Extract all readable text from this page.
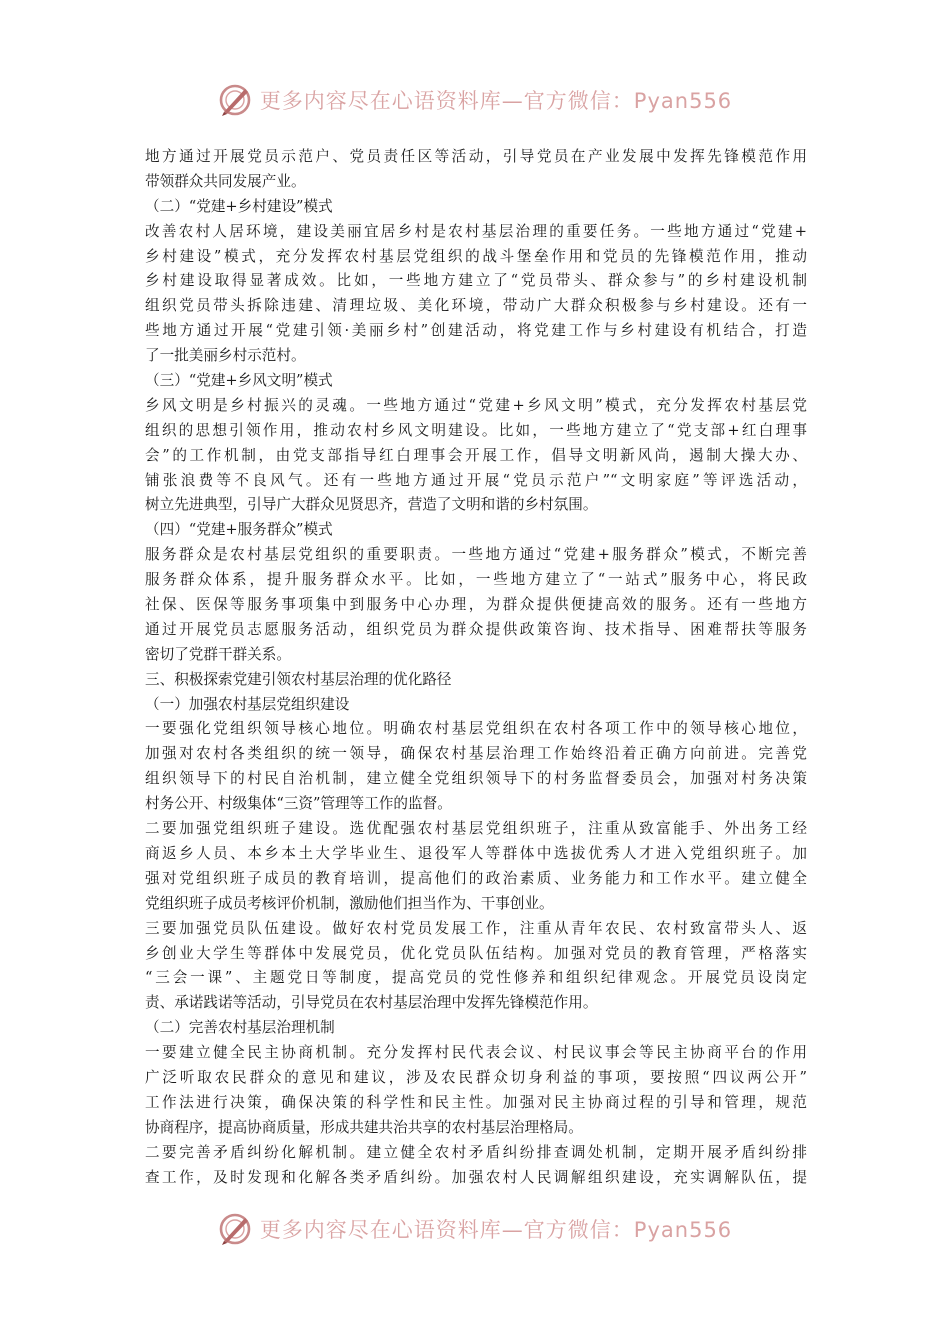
更多内容尽在心语资料库—官方微信：Pyan556
地方通过开展党员示范户、党员责任区等活动，引导党员在产业发展中发挥先锋模范作用
带领群众共同发展产业。
（二）“党建+乡村建设”模式
改善农村人居环境，建设美丽宜居乡村是农村基层治理的重要任务。一些地方通过“党建+
乡村建设”模式，充分发挥农村基层党组织的战斗堡垒作用和党员的先锋模范作用，推动
乡村建设取得显著成效。比如，一些地方建立了“党员带头、群众参与”的乡村建设机制
组织党员带头拆除违建、清理垃圾、美化环境，带动广大群众积极参与乡村建设。还有一
些地方通过开展“党建引领·美丽乡村”创建活动，将党建工作与乡村建设有机结合，打造
了一批美丽乡村示范村。
（三）“党建+乡风文明”模式
乡风文明是乡村振兴的灵魂。一些地方通过“党建+乡风文明”模式，充分发挥农村基层党
组织的思想引领作用，推动农村乡风文明建设。比如，一些地方建立了“党支部+红白理事
会”的工作机制，由党支部指导红白理事会开展工作，倡导文明新风尚，遏制大操大办、
铺张浪费等不良风气。还有一些地方通过开展“党员示范户”“文明家庭”等评选活动，
树立先进典型，引导广大群众见贤思齐，营造了文明和谐的乡村氛围。
（四）“党建+服务群众”模式
服务群众是农村基层党组织的重要职责。一些地方通过“党建+服务群众”模式，不断完善
服务群众体系，提升服务群众水平。比如，一些地方建立了“一站式”服务中心，将民政
社保、医保等服务事项集中到服务中心办理，为群众提供便捷高效的服务。还有一些地方
通过开展党员志愿服务活动，组织党员为群众提供政策咨询、技术指导、困难帮扶等服务
密切了党群干群关系。
三、积极探索党建引领农村基层治理的优化路径
（一）加强农村基层党组织建设
一要强化党组织领导核心地位。明确农村基层党组织在农村各项工作中的领导核心地位，
加强对农村各类组织的统一领导，确保农村基层治理工作始终沿着正确方向前进。完善党
组织领导下的村民自治机制，建立健全党组织领导下的村务监督委员会，加强对村务决策
村务公开、村级集体“三资”管理等工作的监督。
二要加强党组织班子建设。选优配强农村基层党组织班子，注重从致富能手、外出务工经
商返乡人员、本乡本土大学毕业生、退役军人等群体中选拔优秀人才进入党组织班子。加
强对党组织班子成员的教育培训，提高他们的政治素质、业务能力和工作水平。建立健全
党组织班子成员考核评价机制，激励他们担当作为、干事创业。
三要加强党员队伍建设。做好农村党员发展工作，注重从青年农民、农村致富带头人、返
乡创业大学生等群体中发展党员，优化党员队伍结构。加强对党员的教育管理，严格落实
“三会一课”、主题党日等制度，提高党员的党性修养和组织纪律观念。开展党员设岗定
责、承诺践诺等活动，引导党员在农村基层治理中发挥先锋模范作用。
（二）完善农村基层治理机制
一要建立健全民主协商机制。充分发挥村民代表会议、村民议事会等民主协商平台的作用
广泛听取农民群众的意见和建议，涉及农民群众切身利益的事项，要按照“四议两公开”
工作法进行决策，确保决策的科学性和民主性。加强对民主协商过程的引导和管理，规范
协商程序，提高协商质量，形成共建共治共享的农村基层治理格局。
二要完善矛盾纠纷化解机制。建立健全农村矛盾纠纷排查调处机制，定期开展矛盾纠纷排
查工作，及时发现和化解各类矛盾纠纷。加强农村人民调解组织建设，充实调解队伍，提
更多内容尽在心语资料库—官方微信：Pyan556
